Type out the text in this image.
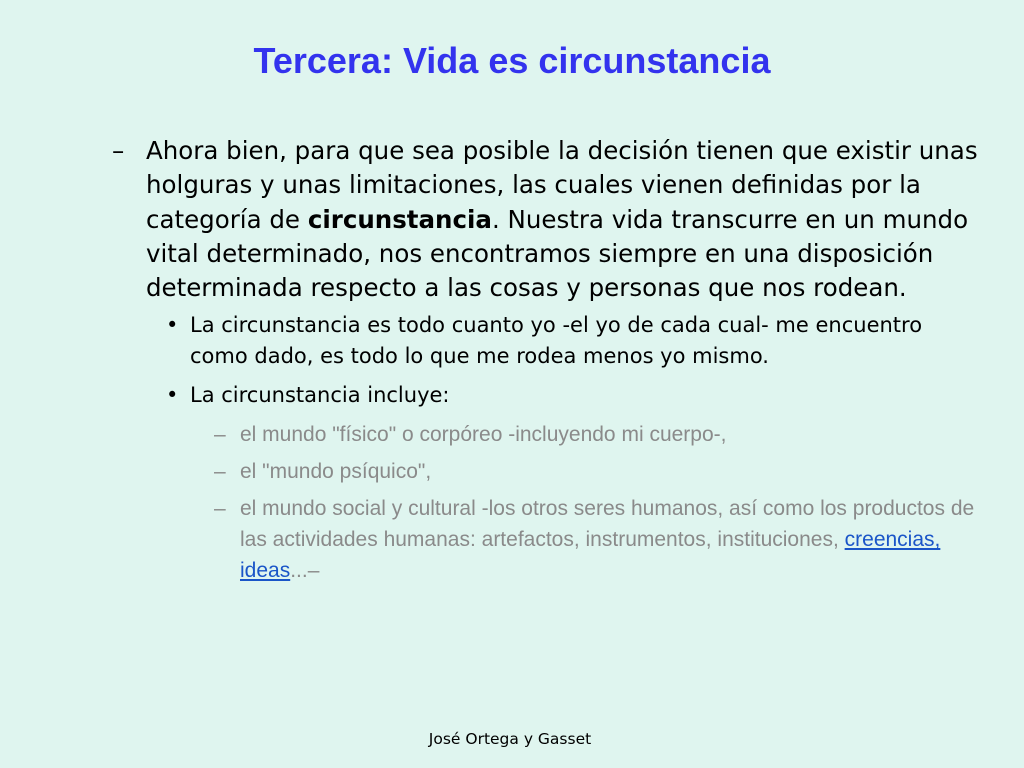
Tercera: Vida es circunstancia
– Ahora bien, para que sea posible la decisión tienen que existir unas holguras y unas limitaciones, las cuales vienen definidas por la categoría de circunstancia. Nuestra vida transcurre en un mundo vital determinado, nos encontramos siempre en una disposición determinada respecto a las cosas y personas que nos rodean.
• La circunstancia es todo cuanto yo -el yo de cada cual- me encuentro como dado, es todo lo que me rodea menos yo mismo.
• La circunstancia incluye:
– el mundo "físico" o corpóreo -incluyendo mi cuerpo-,
– el "mundo psíquico",
– el mundo social y cultural -los otros seres humanos, así como los productos de las actividades humanas: artefactos, instrumentos, instituciones, creencias, ideas...–
José Ortega y Gasset
